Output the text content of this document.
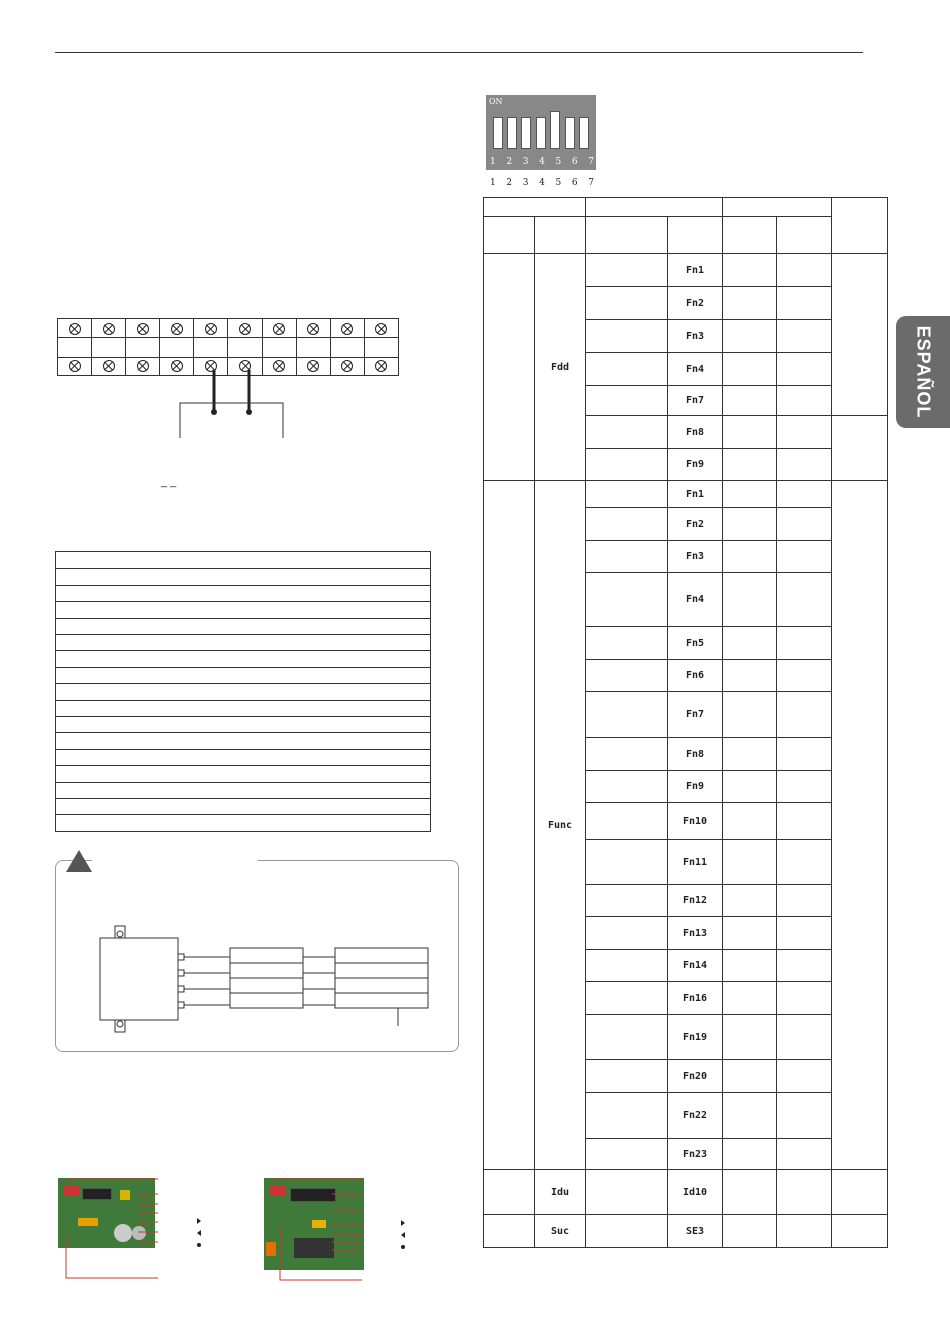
ESPAÑOL
ON
1 2 3 4 5 6 7
1 2 3 4 5 6 7
_ _

	Fdd		Fn1			
			Fn2			
			Fn3			
			Fn4			
			Fn7			
			Fn8			
			Fn9			
	Func		Fn1			
			Fn2			
			Fn3			
			Fn4			
			Fn5			
			Fn6			
			Fn7			
			Fn8			
			Fn9			
			Fn10			
			Fn11			
			Fn12			
			Fn13			
			Fn14			
			Fn16			
			Fn19			
			Fn20			
			Fn22			
			Fn23			
	Idu		Id10			
	Suc		SE3			
